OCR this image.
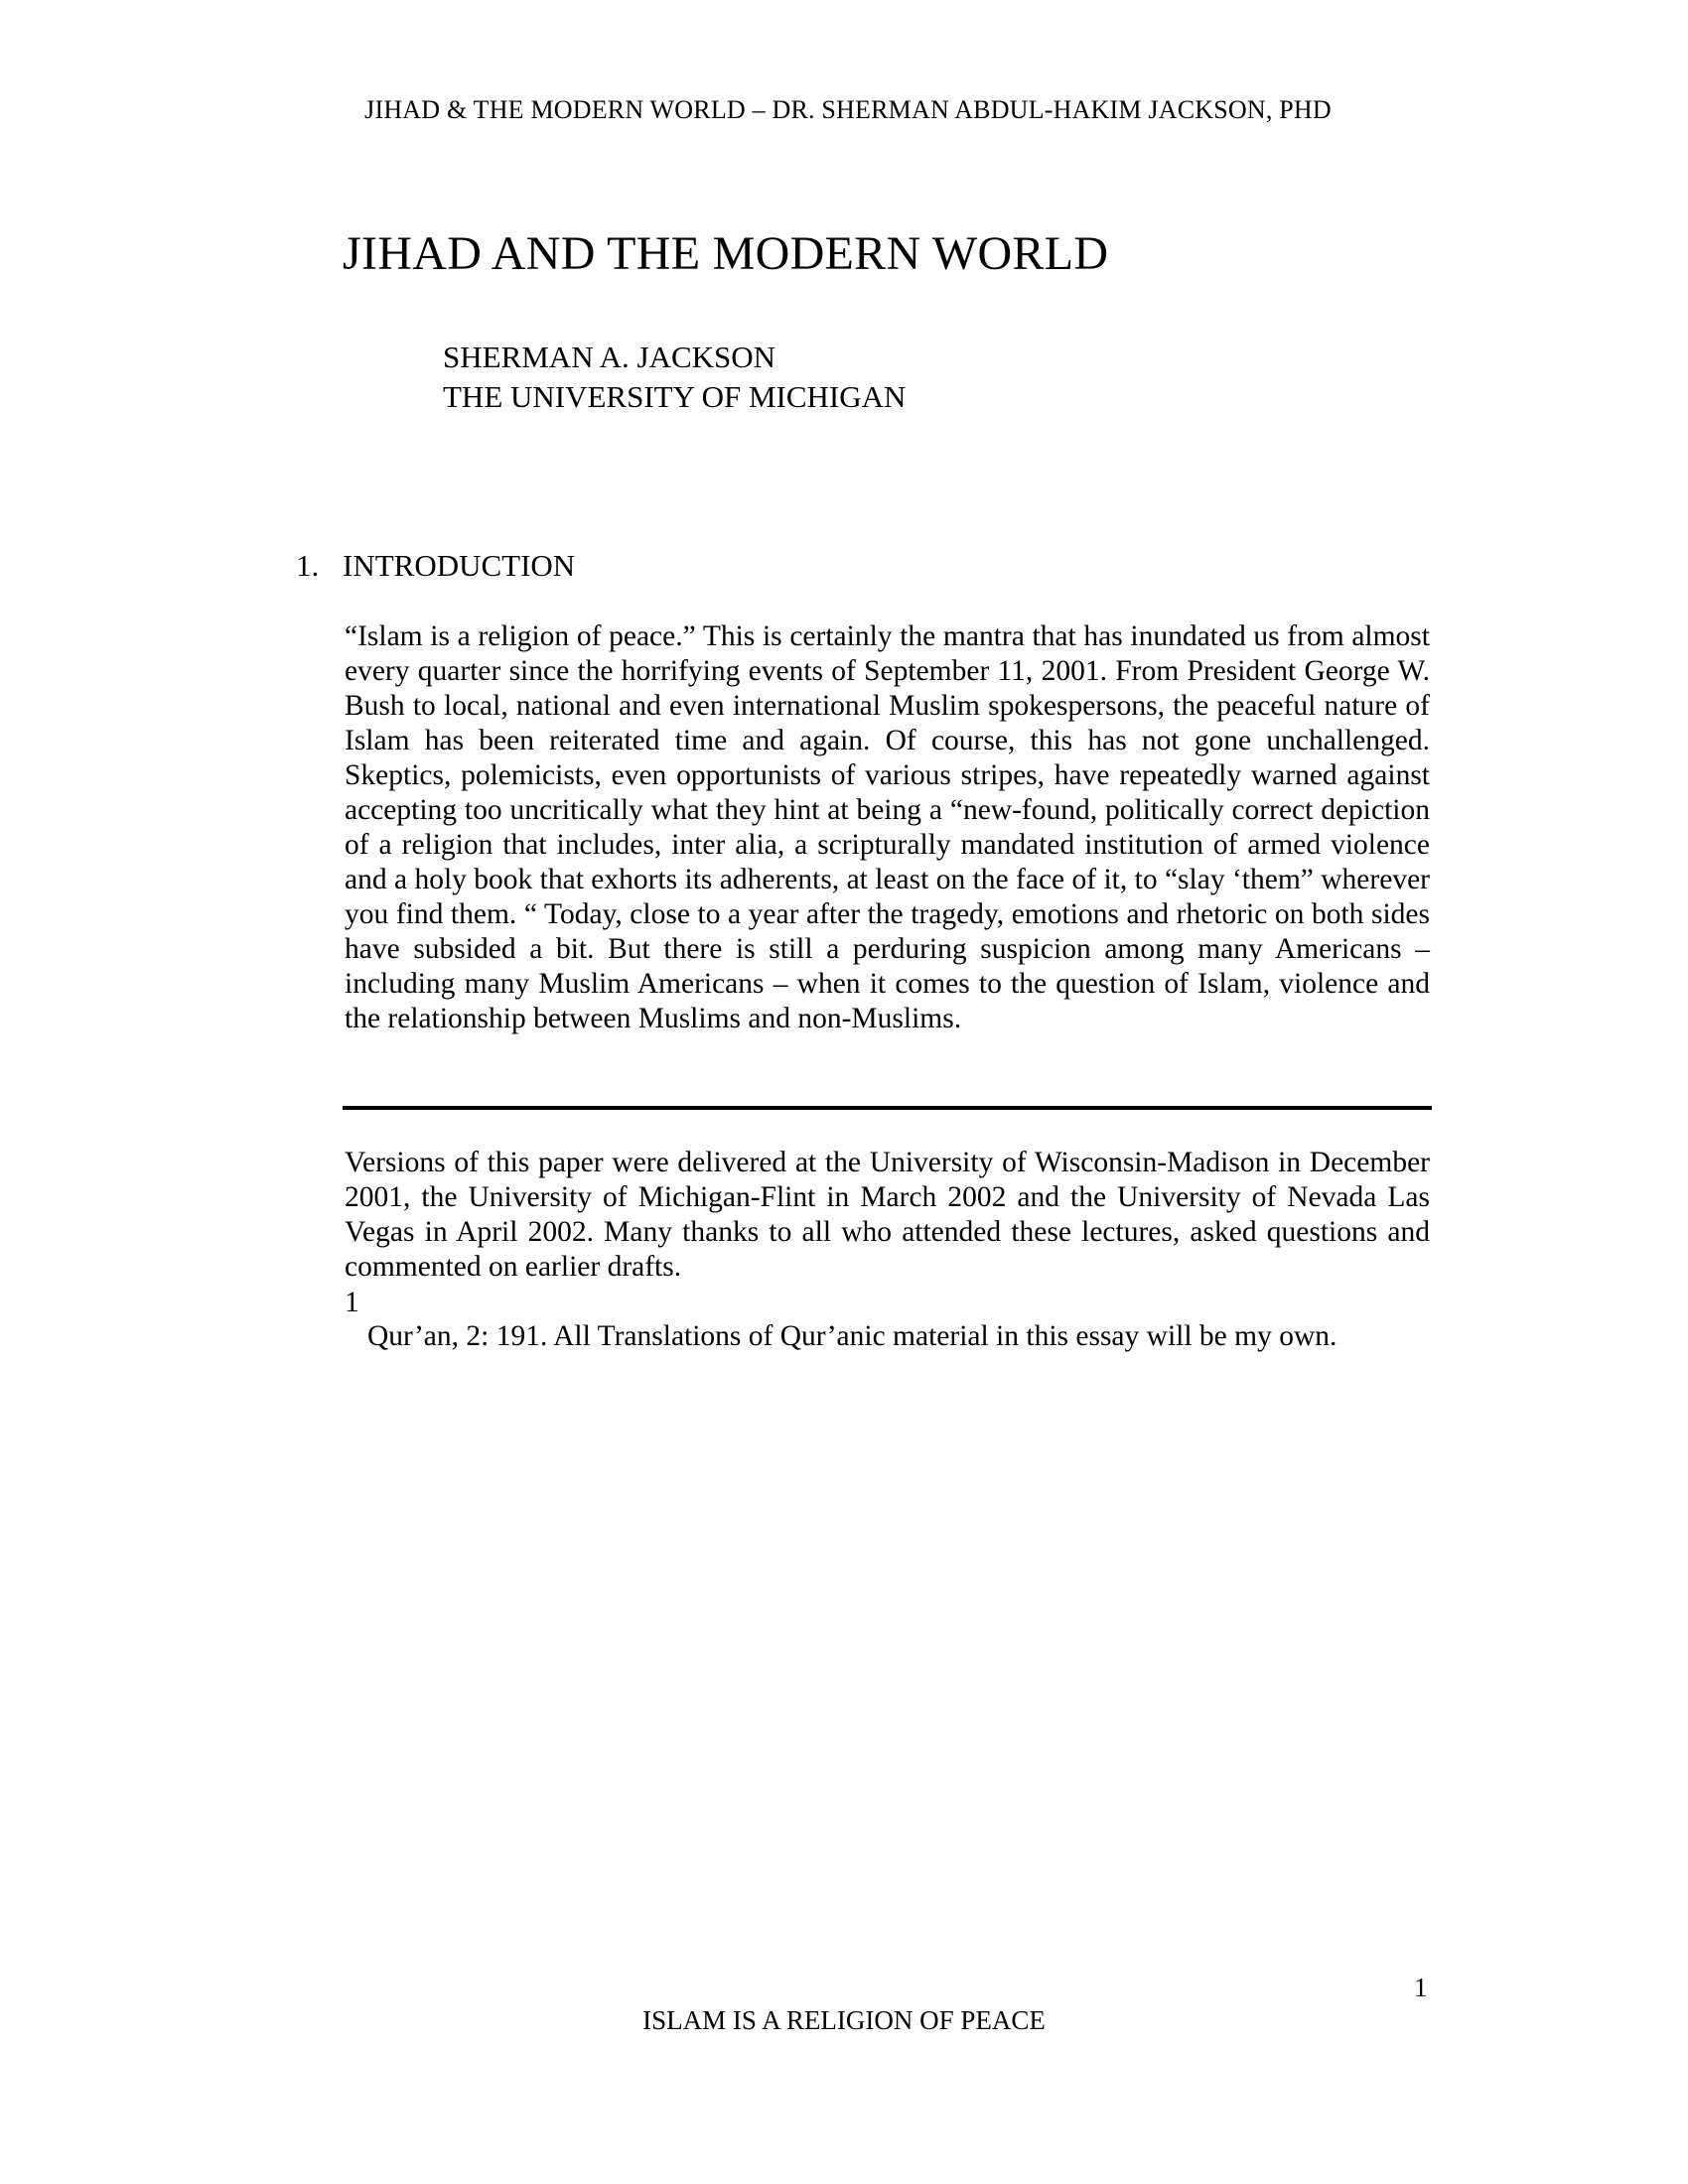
JIHAD & THE MODERN WORLD – DR. SHERMAN ABDUL-HAKIM JACKSON, PHD
JIHAD AND THE MODERN WORLD
SHERMAN A. JACKSON
THE UNIVERSITY OF MICHIGAN
1. INTRODUCTION
“Islam is a religion of peace.” This is certainly the mantra that has inundated us from almost every quarter since the horrifying events of September 11, 2001. From President George W. Bush to local, national and even international Muslim spokespersons, the peaceful nature of Islam has been reiterated time and again. Of course, this has not gone unchallenged. Skeptics, polemicists, even opportunists of various stripes, have repeatedly warned against accepting too uncritically what they hint at being a “new-found, politically correct depiction of a religion that includes, inter alia, a scripturally mandated institution of armed violence and a holy book that exhorts its adherents, at least on the face of it, to “slay ‘them” wherever you find them. “ Today, close to a year after the tragedy, emotions and rhetoric on both sides have subsided a bit. But there is still a perduring suspicion among many Americans – including many Muslim Americans – when it comes to the question of Islam, violence and the relationship between Muslims and non-Muslims.
Versions of this paper were delivered at the University of Wisconsin-Madison in December 2001, the University of Michigan-Flint in March 2002 and the University of Nevada Las Vegas in April 2002. Many thanks to all who attended these lectures, asked questions and commented on earlier drafts.
1
Qur’an, 2: 191. All Translations of Qur’anic material in this essay will be my own.
1
ISLAM IS A RELIGION OF PEACE
